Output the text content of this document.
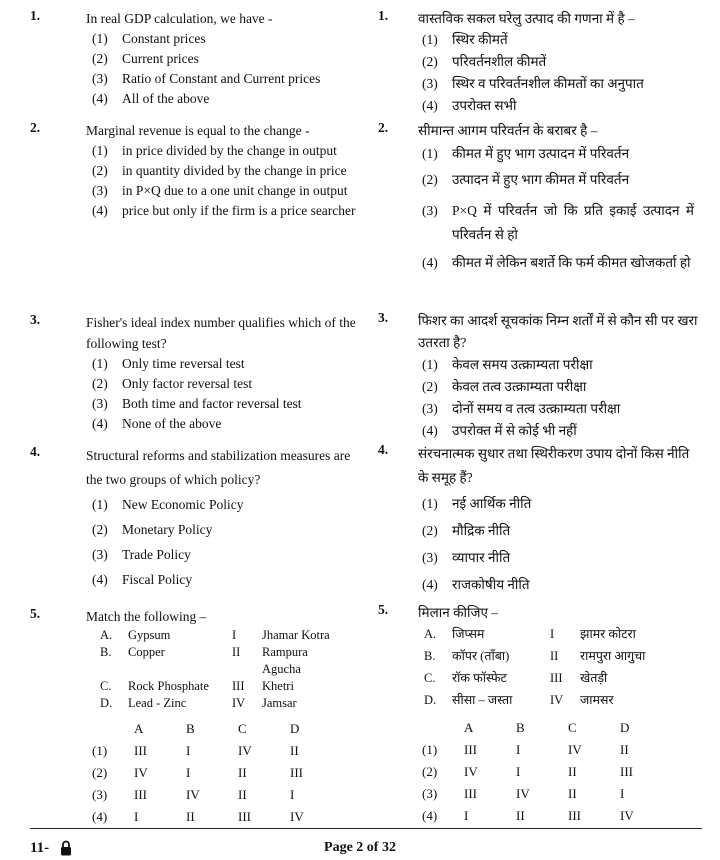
1.	In real GDP calculation, we have -
(1)	Constant prices
(2)	Current prices
(3)	Ratio of Constant and Current prices
(4)	All of the above
2.	Marginal revenue is equal to the change -
(1)	in price divided by the change in output
(2)	in quantity divided by the change in price
(3)	in P×Q due to a one unit change in output
(4)	price but only if the firm is a price searcher
3.	Fisher's ideal index number qualifies which of the following test?
(1)	Only time reversal test
(2)	Only factor reversal test
(3)	Both time and factor reversal test
(4)	None of the above
4.	Structural reforms and stabilization measures are the two groups of which policy?
(1)	New Economic Policy
(2)	Monetary Policy
(3)	Trade Policy
(4)	Fiscal Policy
5.	Match the following –
A.	Gypsum	I	Jhamar Kotra
B.	Copper	II	Rampura Agucha
C.	Rock Phosphate	III	Khetri
D.	Lead - Zinc	IV	Jamsar
A	B	C	D
(1)	III	I	IV	II
(2)	IV	I	II	III
(3)	III	IV	II	I
(4)	I	II	III	IV
1.	वास्तविक सकल घरेलु उत्पाद की गणना में है –
(1)	स्थिर कीमतें
(2)	परिवर्तनशील कीमतें
(3)	स्थिर व परिवर्तनशील कीमतों का अनुपात
(4)	उपरोक्त सभी
2.	सीमान्त आगम परिवर्तन के बराबर है –
(1)	कीमत में हुए भाग उत्पादन में परिवर्तन
(2)	उत्पादन में हुए भाग कीमत में परिवर्तन
(3)	P×Q में परिवर्तन जो कि प्रति इकाई उत्पादन में परिवर्तन से हो
(4)	कीमत में लेकिन बशर्ते कि फर्म कीमत खोजकर्ता हो
3.	फिशर का आदर्श सूचकांक निम्न शर्तों में से कौन सी पर खरा उतरता है?
(1)	केवल समय उत्क्राम्यता परीक्षा
(2)	केवल तत्व उत्क्राम्यता परीक्षा
(3)	दोनों समय व तत्व उत्क्राम्यता परीक्षा
(4)	उपरोक्त में से कोई भी नहीं
4.	संरचनात्मक सुधार तथा स्थिरीकरण उपाय दोनों किस नीति के समूह हैं?
(1)	नई आर्थिक नीति
(2)	मौद्रिक नीति
(3)	व्यापार नीति
(4)	राजकोषीय नीति
5.	मिलान कीजिए –
A.	जिप्सम	I	झामर कोटरा
B.	कॉपर (ताँबा)	II	रामपुरा आगुचा
C.	रॉक फॉस्फेट	III	खेतड़ी
D.	सीसा – जस्ता	IV	जामसर
A	B	C	D
(1)	III	I	IV	II
(2)	IV	I	II	III
(3)	III	IV	II	I
(4)	I	II	III	IV
11-	Page 2 of 32
